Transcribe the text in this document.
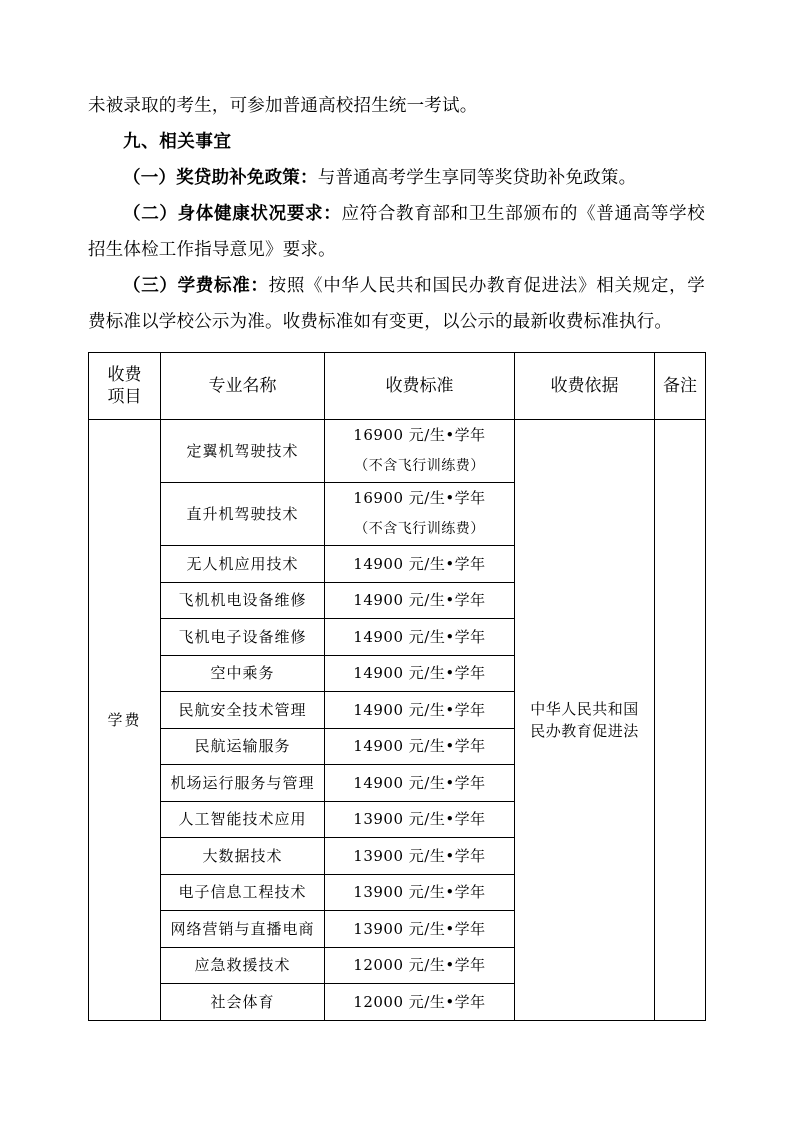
未被录取的考生，可参加普通高校招生统一考试。

九、相关事宜

（一）奖贷助补免政策：与普通高考学生享同等奖贷助补免政策。

（二）身体健康状况要求：应符合教育部和卫生部颁布的《普通高等学校招生体检工作指导意见》要求。

（三）学费标准：按照《中华人民共和国民办教育促进法》相关规定，学费标准以学校公示为准。收费标准如有变更，以公示的最新收费标准执行。

收费
项目	专业名称	收费标准	收费依据	备注
学费	定翼机驾驶技术	16900 元/生•学年
（不含飞行训练费）

中华人民共和国
民办教育促进法

	直升机驾驶技术	16900 元/生•学年
（不含飞行训练费）		

	无人机应用技术	14900 元/生•学年		
	飞机机电设备维修	14900 元/生•学年		
	飞机电子设备维修	14900 元/生•学年		
	空中乘务	14900 元/生•学年		
	民航安全技术管理	14900 元/生•学年		
	民航运输服务	14900 元/生•学年		
	机场运行服务与管理	14900 元/生•学年		
	人工智能技术应用	13900 元/生•学年		
	大数据技术	13900 元/生•学年		
	电子信息工程技术	13900 元/生•学年		
	网络营销与直播电商	13900 元/生•学年		
	应急救援技术	12000 元/生•学年		
	社会体育	12000 元/生•学年		
